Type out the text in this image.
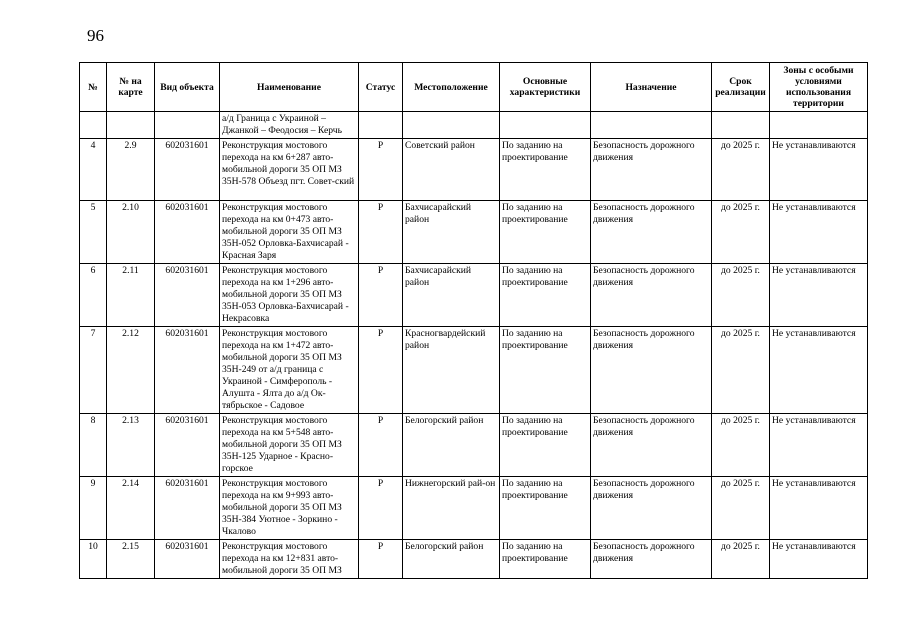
96
№	№ на карте	Вид объекта	Наименование	Статус	Местоположение	Основные характеристики	Назначение	Срок реализации	Зоны с особыми условиями использования территории
			а/д Граница с Украиной – Джанкой – Феодосия – Керчь						
4	2.9	602031601	Реконструкция мостового перехода на км 6+287 авто-мобильной дороги 35 ОП МЗ 35Н-578 Объезд пгт. Совет-ский	Р	Советский район	По заданию на проектирование	Безопасность дорожного движения	до 2025 г.	Не устанавливаются
5	2.10	602031601	Реконструкция мостового перехода на км 0+473 авто-мобильной дороги 35 ОП МЗ 35Н-052 Орловка-Бахчисарай - Красная Заря	Р	Бахчисарайский район	По заданию на проектирование	Безопасность дорожного движения	до 2025 г.	Не устанавливаются
6	2.11	602031601	Реконструкция мостового перехода на км 1+296 авто-мобильной дороги 35 ОП МЗ 35Н-053 Орловка-Бахчисарай - Некрасовка	Р	Бахчисарайский район	По заданию на проектирование	Безопасность дорожного движения	до 2025 г.	Не устанавливаются
7	2.12	602031601	Реконструкция мостового перехода на км 1+472 авто-мобильной дороги 35 ОП МЗ 35Н-249 от а/д граница с Украиной - Симферополь - Алушта - Ялта до а/д Ок-тябрьское - Садовое	Р	Красногвардейский район	По заданию на проектирование	Безопасность дорожного движения	до 2025 г.	Не устанавливаются
8	2.13	602031601	Реконструкция мостового перехода на км 5+548 авто-мобильной дороги 35 ОП МЗ 35Н-125 Ударное - Красно-горское	Р	Белогорский район	По заданию на проектирование	Безопасность дорожного движения	до 2025 г.	Не устанавливаются
9	2.14	602031601	Реконструкция мостового перехода на км 9+993 авто-мобильной дороги 35 ОП МЗ 35Н-384 Уютное - Зоркино - Чкалово	Р	Нижнегорский рай-он	По заданию на проектирование	Безопасность дорожного движения	до 2025 г.	Не устанавливаются
10	2.15	602031601	Реконструкция мостового перехода на км 12+831 авто-мобильной дороги 35 ОП МЗ	Р	Белогорский район	По заданию на проектирование	Безопасность дорожного движения	до 2025 г.	Не устанавливаются
